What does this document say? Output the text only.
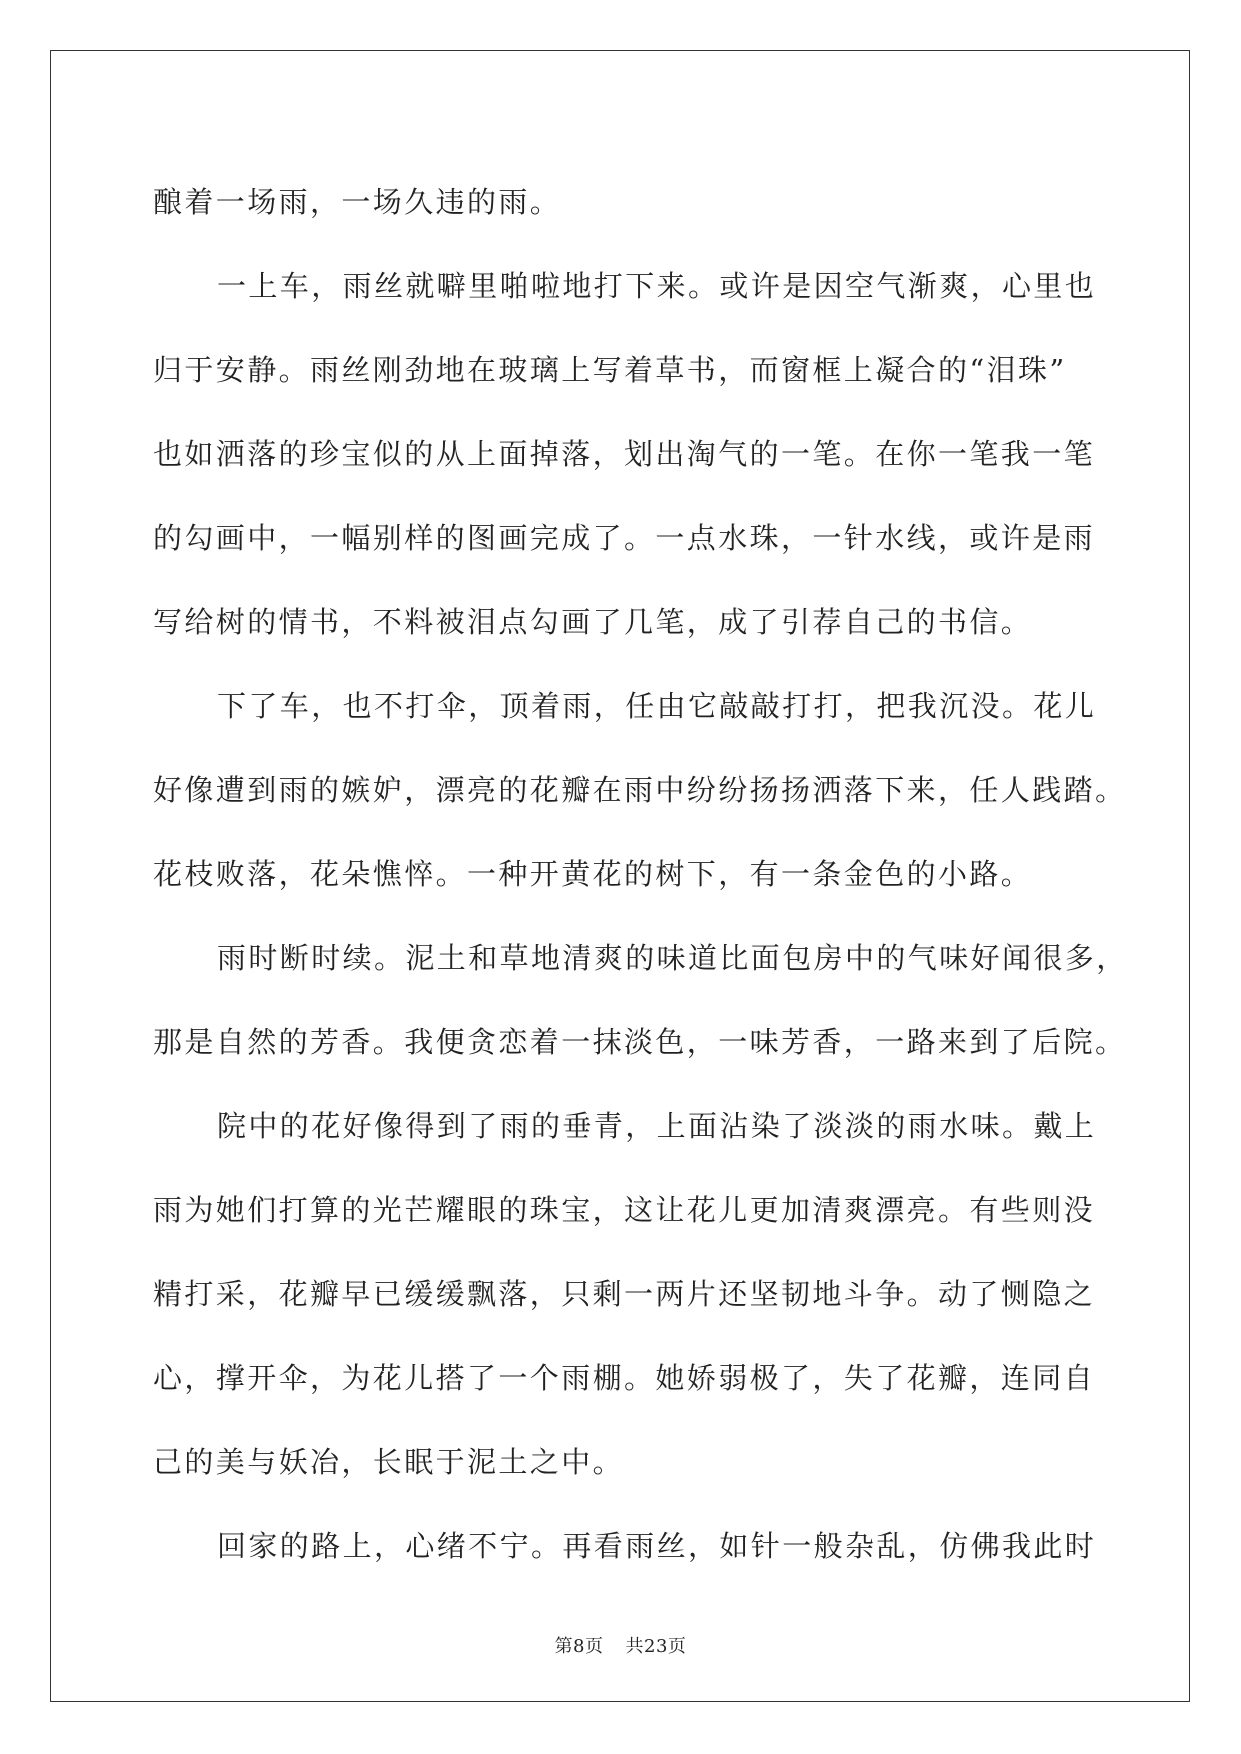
酿着一场雨，一场久违的雨。
一上车，雨丝就噼里啪啦地打下来。或许是因空气渐爽，心里也
归于安静。雨丝刚劲地在玻璃上写着草书，而窗框上凝合的“泪珠”
也如洒落的珍宝似的从上面掉落，划出淘气的一笔。在你一笔我一笔
的勾画中，一幅别样的图画完成了。一点水珠，一针水线，或许是雨
写给树的情书，不料被泪点勾画了几笔，成了引荐自己的书信。
下了车，也不打伞，顶着雨，任由它敲敲打打，把我沉没。花儿
好像遭到雨的嫉妒，漂亮的花瓣在雨中纷纷扬扬洒落下来，任人践踏。
花枝败落，花朵憔悴。一种开黄花的树下，有一条金色的小路。
雨时断时续。泥土和草地清爽的味道比面包房中的气味好闻很多，
那是自然的芳香。我便贪恋着一抹淡色，一味芳香，一路来到了后院。
院中的花好像得到了雨的垂青，上面沾染了淡淡的雨水味。戴上
雨为她们打算的光芒耀眼的珠宝，这让花儿更加清爽漂亮。有些则没
精打采，花瓣早已缓缓飘落，只剩一两片还坚韧地斗争。动了恻隐之
心，撑开伞，为花儿搭了一个雨棚。她娇弱极了，失了花瓣，连同自
己的美与妖冶，长眠于泥土之中。
回家的路上，心绪不宁。再看雨丝，如针一般杂乱，仿佛我此时
第8页 共23页
